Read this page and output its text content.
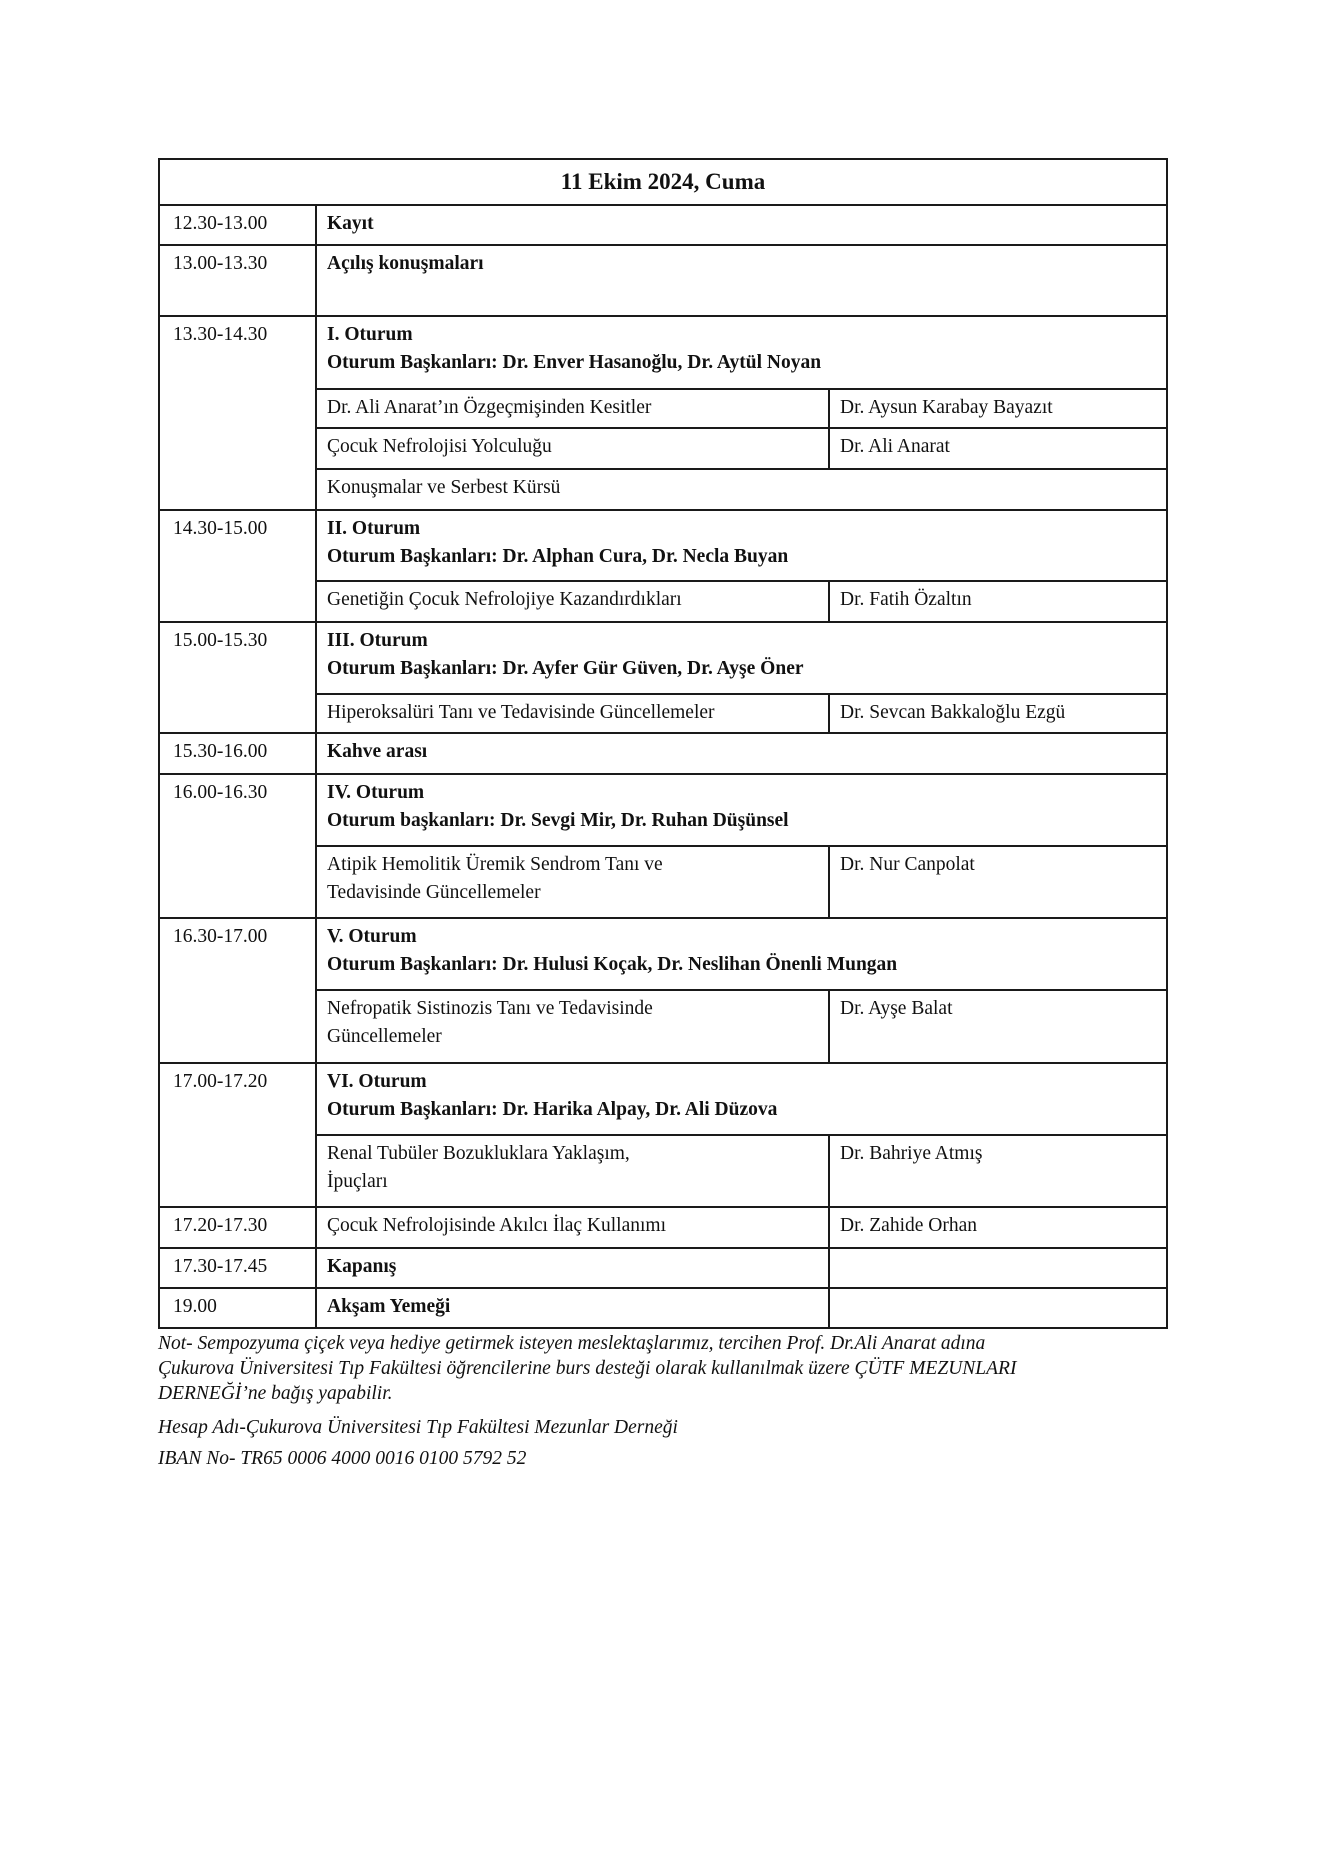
11 Ekim 2024, Cuma		
12.30-13.00	Kayıt	
13.00-13.30	Açılış konuşmaları	
13.30-14.30	I. Oturum
Oturum Başkanları: Dr. Enver Hasanoğlu, Dr. Aytül Noyan	

	Dr. Ali Anarat’ın Özgeçmişinden Kesitler	Dr. Aysun Karabay Bayazıt
	Çocuk Nefrolojisi Yolculuğu	Dr. Ali Anarat
	Konuşmalar ve Serbest Kürsü	
14.30-15.00	II. Oturum
Oturum Başkanları: Dr. Alphan Cura, Dr. Necla Buyan	

	Genetiğin Çocuk Nefrolojiye Kazandırdıkları	Dr. Fatih Özaltın
15.00-15.30	III. Oturum
Oturum Başkanları: Dr. Ayfer Gür Güven, Dr. Ayşe Öner	

	Hiperoksalüri Tanı ve Tedavisinde Güncellemeler	Dr. Sevcan Bakkaloğlu Ezgü
15.30-16.00	Kahve arası	
16.00-16.30	IV. Oturum
Oturum başkanları: Dr. Sevgi Mir, Dr. Ruhan Düşünsel	

	Atipik Hemolitik Üremik Sendrom Tanı ve
Tedavisinde Güncellemeler	Dr. Nur Canpolat
16.30-17.00	V. Oturum
Oturum Başkanları: Dr. Hulusi Koçak, Dr. Neslihan Önenli Mungan	

	Nefropatik Sistinozis Tanı ve Tedavisinde
Güncellemeler	Dr. Ayşe Balat
17.00-17.20	VI. Oturum
Oturum Başkanları: Dr. Harika Alpay, Dr. Ali Düzova	

	Renal Tubüler Bozukluklara Yaklaşım,
İpuçları	Dr. Bahriye Atmış
17.20-17.30	Çocuk Nefrolojisinde Akılcı İlaç Kullanımı	Dr. Zahide Orhan
17.30-17.45	Kapanış	
19.00	Akşam Yemeği	
Not- Sempozyuma çiçek veya hediye getirmek isteyen meslektaşlarımız, tercihen Prof. Dr.Ali Anarat adına
Çukurova Üniversitesi Tıp Fakültesi öğrencilerine burs desteği olarak kullanılmak üzere ÇÜTF MEZUNLARI
DERNEĞİ’ne bağış yapabilir.
Hesap Adı-Çukurova Üniversitesi Tıp Fakültesi Mezunlar Derneği
IBAN No- TR65 0006 4000 0016 0100 5792 52
